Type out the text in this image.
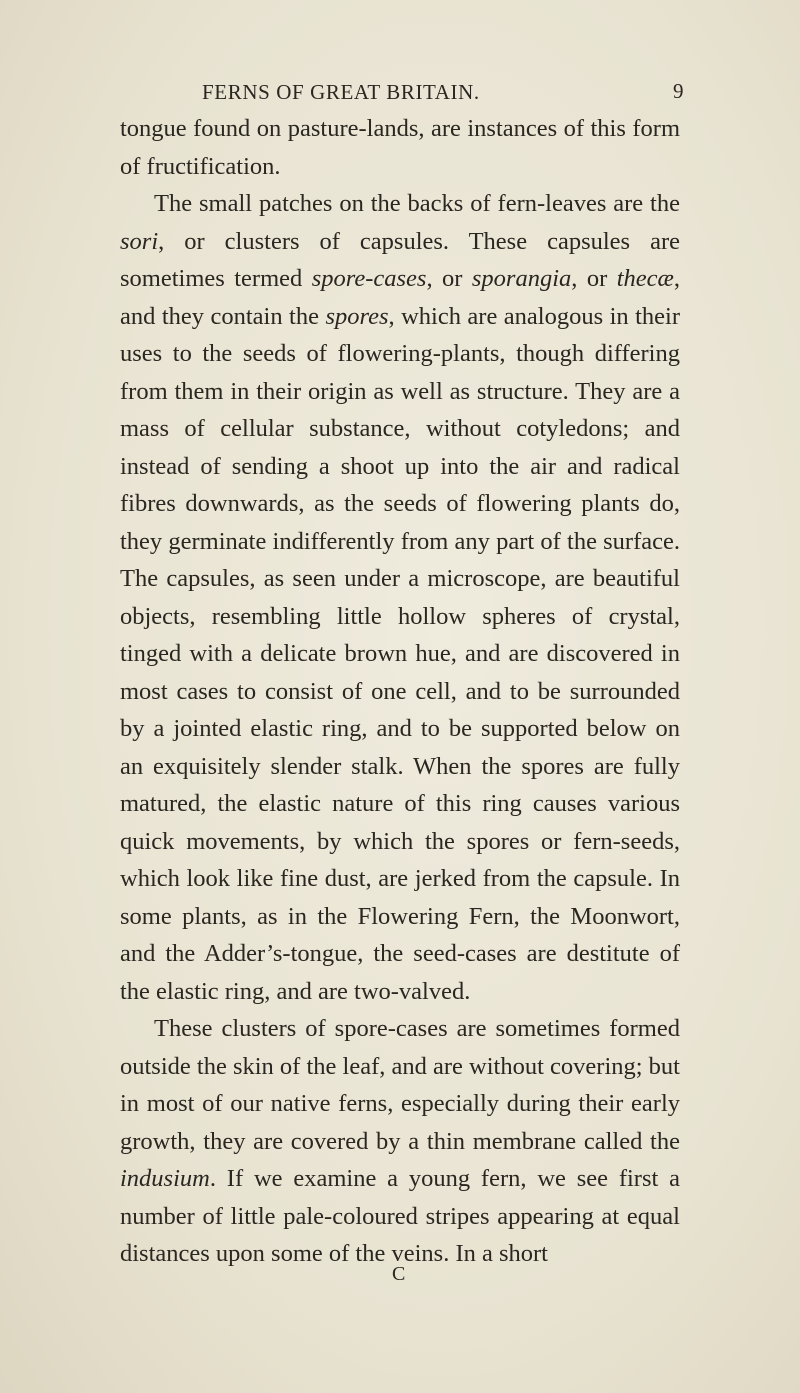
FERNS OF GREAT BRITAIN.	9

tongue found on pasture-lands, are instances of this form of fructification.

The small patches on the backs of fern-leaves are the sori, or clusters of capsules. These capsules are sometimes termed spore-cases, or sporangia, or thecæ, and they contain the spores, which are analogous in their uses to the seeds of flowering-plants, though differing from them in their origin as well as structure. They are a mass of cellular substance, without cotyledons; and instead of sending a shoot up into the air and radical fibres downwards, as the seeds of flowering plants do, they germinate indifferently from any part of the surface. The capsules, as seen under a microscope, are beautiful objects, resembling little hollow spheres of crystal, tinged with a delicate brown hue, and are discovered in most cases to consist of one cell, and to be surrounded by a jointed elastic ring, and to be supported below on an exquisitely slender stalk. When the spores are fully matured, the elastic nature of this ring causes various quick movements, by which the spores or fern-seeds, which look like fine dust, are jerked from the capsule. In some plants, as in the Flowering Fern, the Moonwort, and the Adder’s-tongue, the seed-cases are destitute of the elastic ring, and are two-valved.

These clusters of spore-cases are sometimes formed outside the skin of the leaf, and are without covering; but in most of our native ferns, especially during their early growth, they are covered by a thin membrane called the indusium. If we examine a young fern, we see first a number of little pale-coloured stripes appearing at equal distances upon some of the veins. In a short

C
